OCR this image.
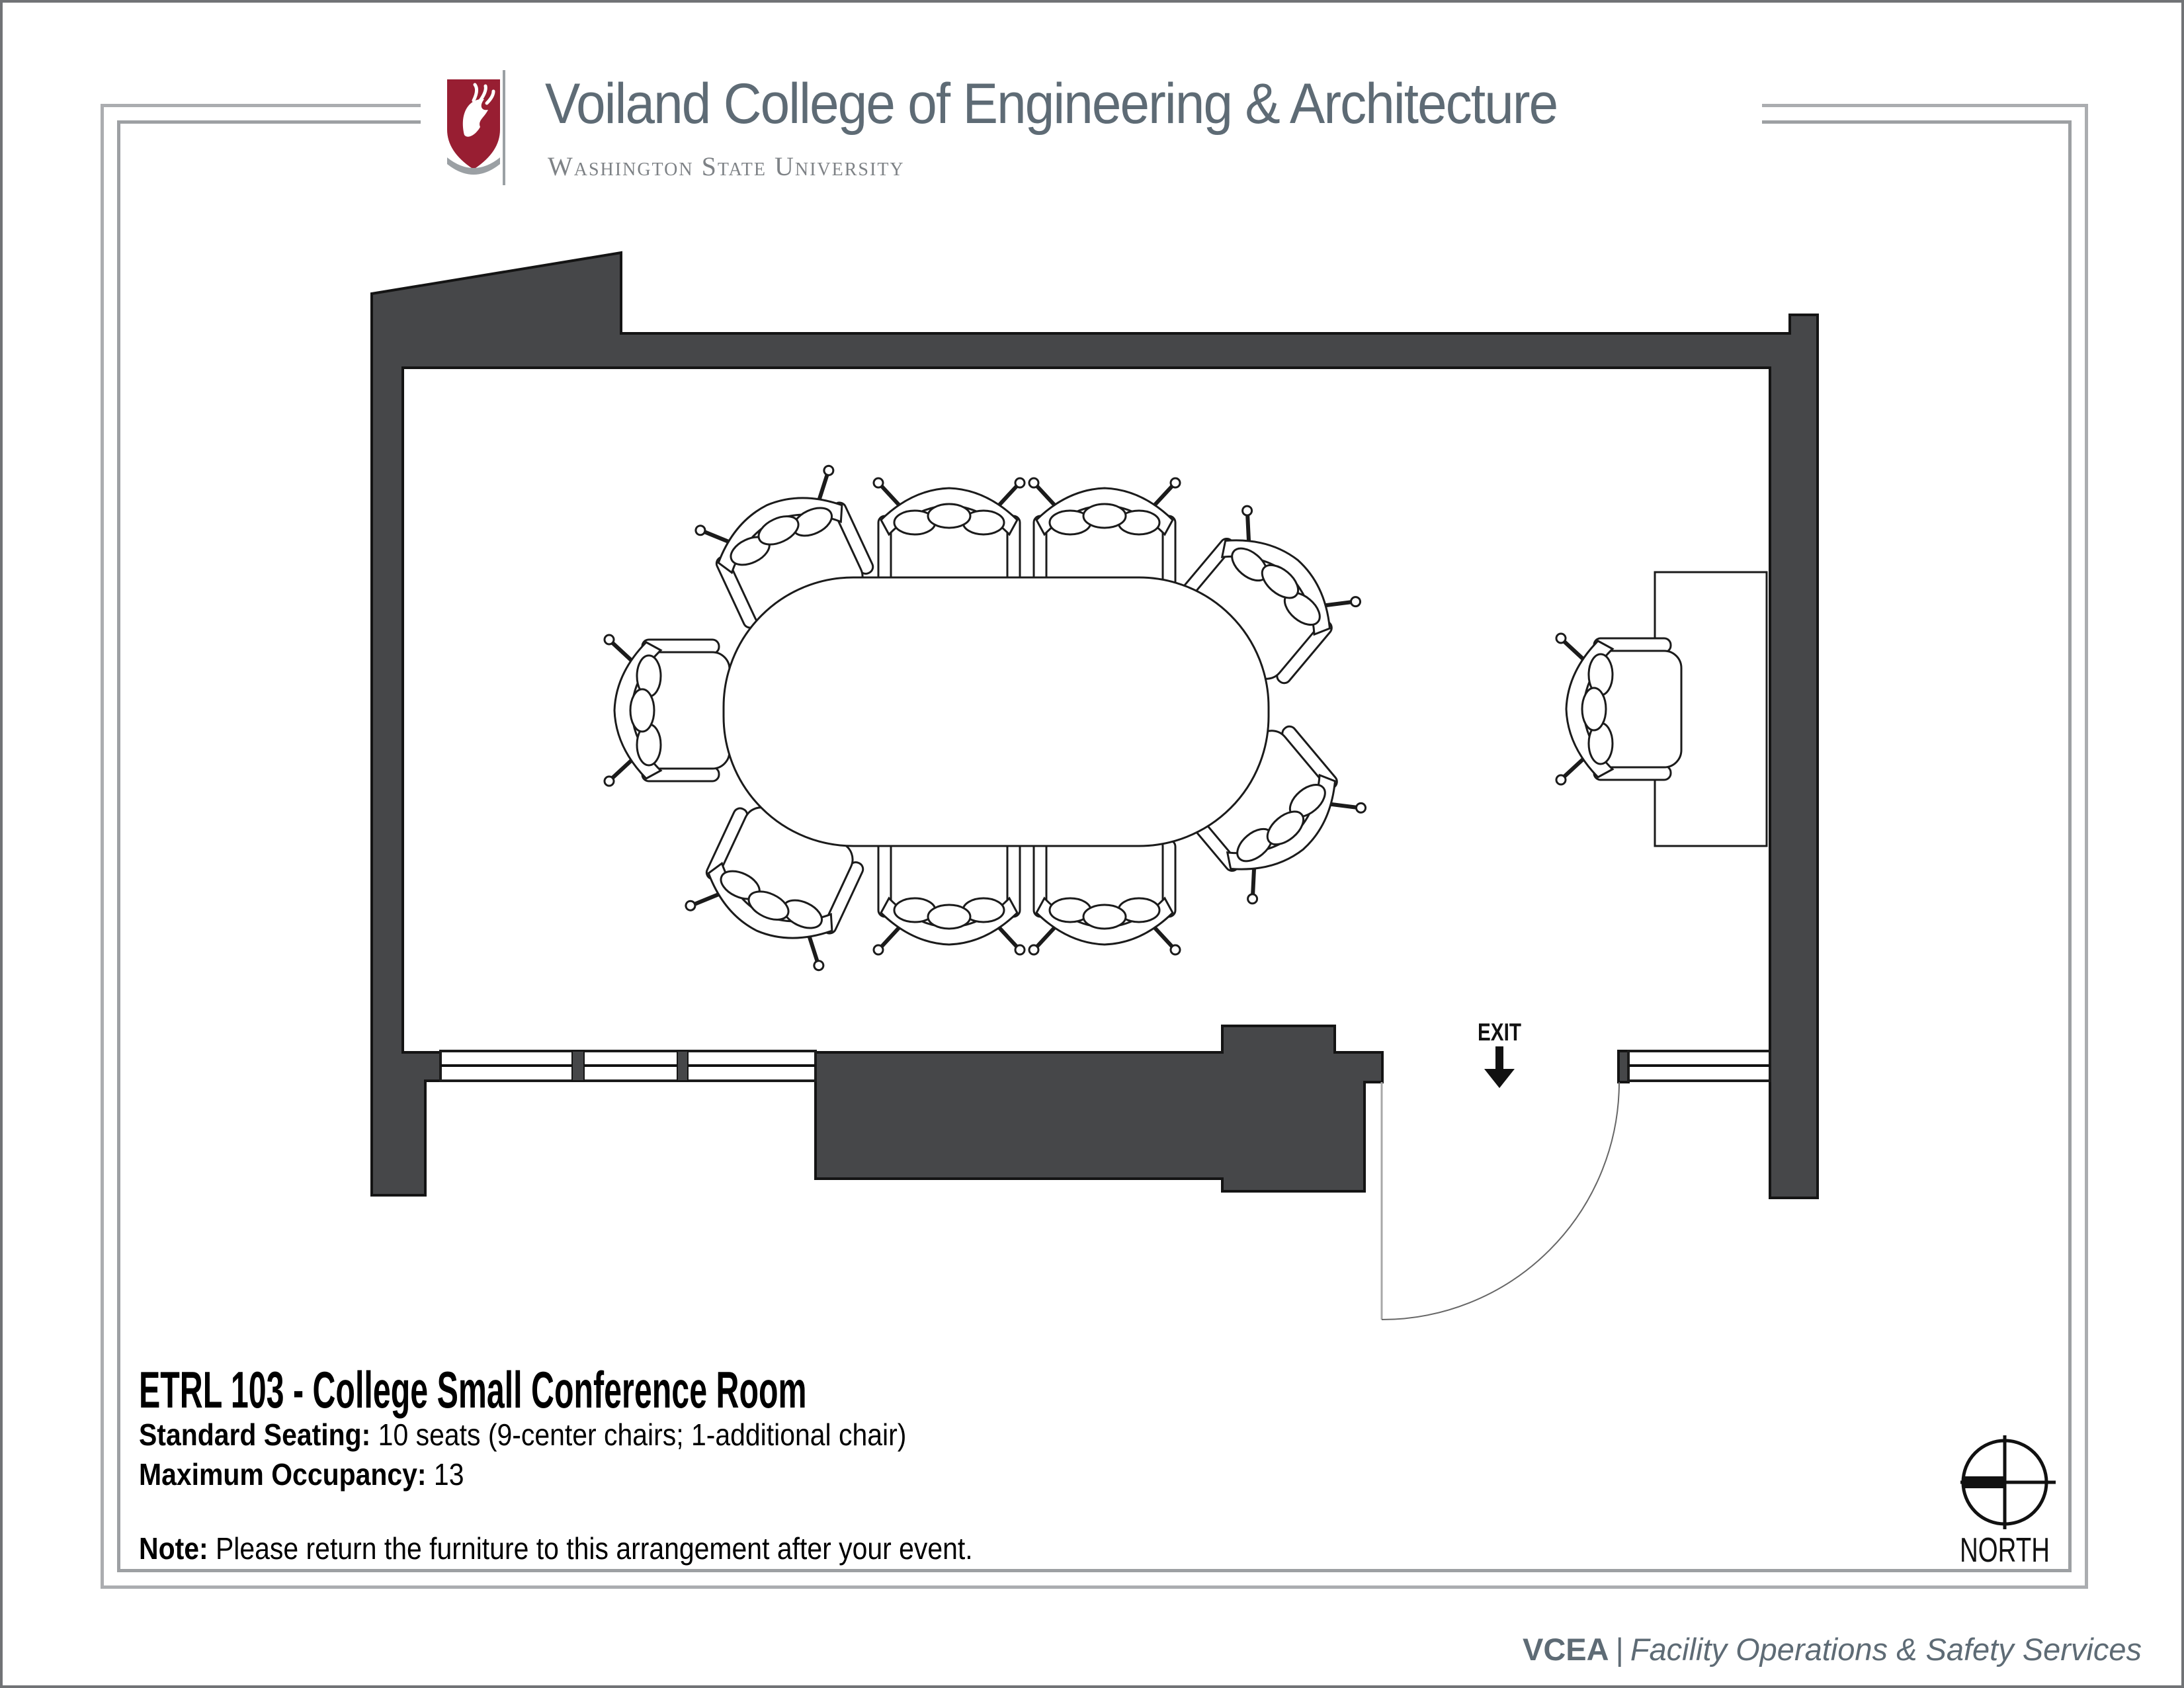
EXIT
NORTH
Voiland College of Engineering & Architecture
Washington State University
ETRL 103 - College Small Conference Room
Standard Seating: 10 seats (9-center chairs; 1-additional chair)
Maximum Occupancy: 13
Note: Please return the furniture to this arrangement after your event.
VCEA | Facility Operations & Safety Services
